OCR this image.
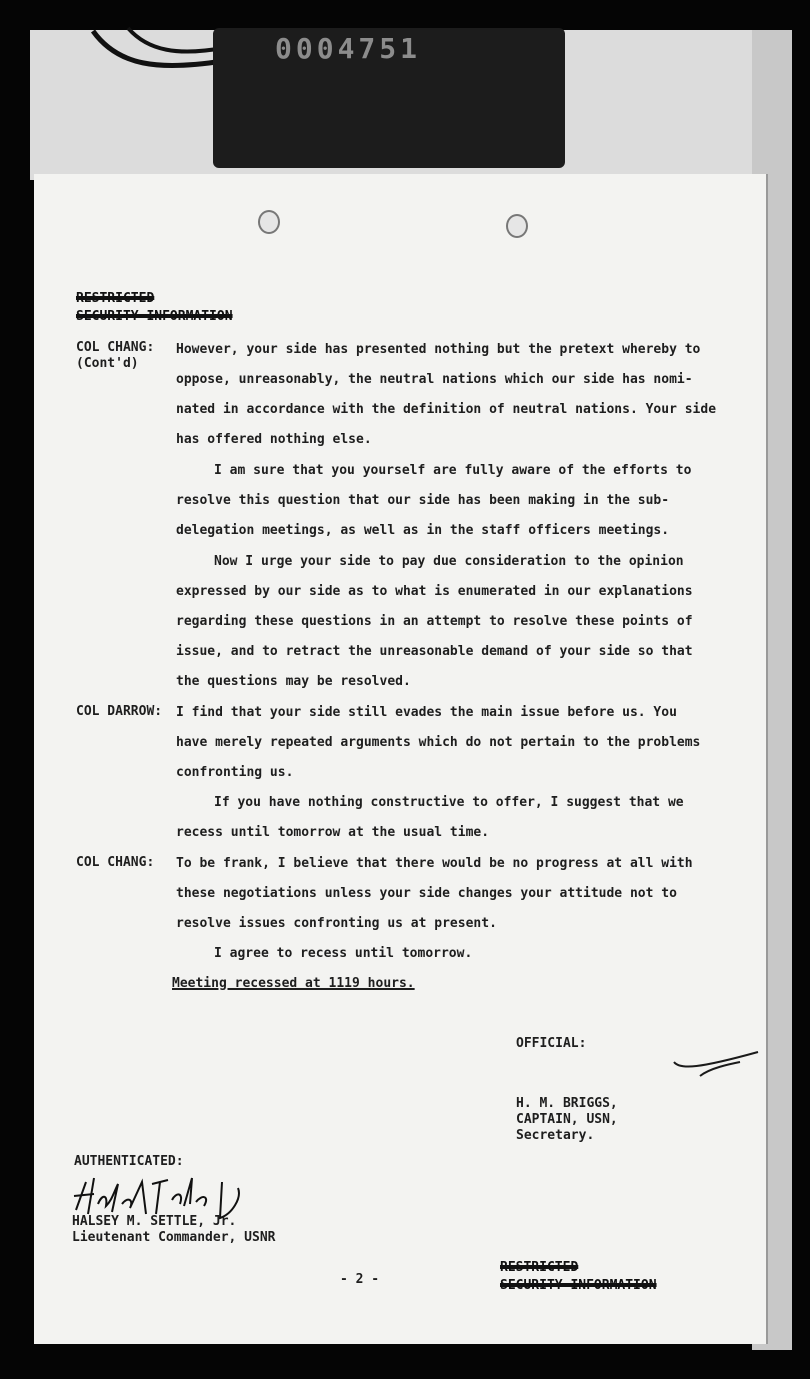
0004751
RESTRICTED
SECURITY INFORMATION
COL CHANG:
(Cont'd)
However, your side has presented nothing but the pretext whereby to
oppose, unreasonably, the neutral nations which our side has nomi-
nated in accordance with the definition of neutral nations. Your side
has offered nothing else.
I am sure that you yourself are fully aware of the efforts to
resolve this question that our side has been making in the sub-
delegation meetings, as well as in the staff officers meetings.
Now I urge your side to pay due consideration to the opinion
expressed by our side as to what is enumerated in our explanations
regarding these questions in an attempt to resolve these points of
issue, and to retract the unreasonable demand of your side so that
the questions may be resolved.
COL DARROW: I find that your side still evades the main issue before us. You
have merely repeated arguments which do not pertain to the problems
confronting us.
If you have nothing constructive to offer, I suggest that we
recess until tomorrow at the usual time.
COL CHANG: To be frank, I believe that there would be no progress at all with
these negotiations unless your side changes your attitude not to
resolve issues confronting us at present.
I agree to recess until tomorrow.
Meeting recessed at 1119 hours.
OFFICIAL:
H. M. BRIGGS,
CAPTAIN, USN,
Secretary.
AUTHENTICATED:
HALSEY M. SETTLE, Jr.
Lieutenant Commander, USNR
- 2 -
RESTRICTED
SECURITY INFORMATION
